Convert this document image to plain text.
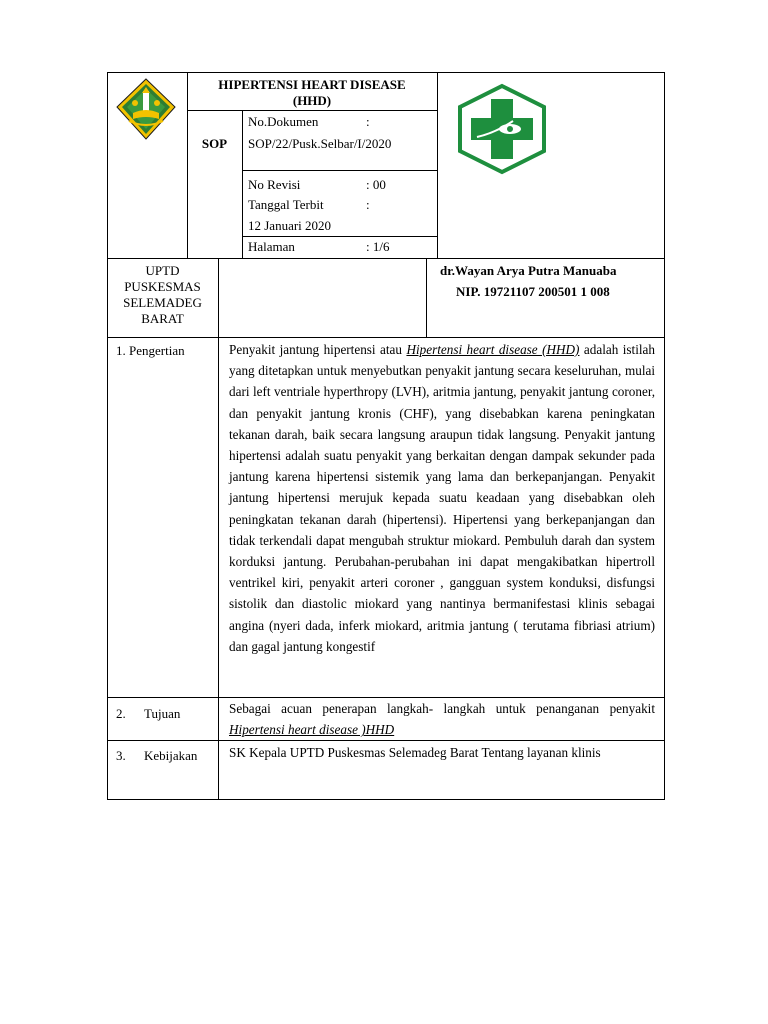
HIPERTENSI HEART DISEASE
(HHD)
SOP
No.Dokumen	:
SOP/22/Pusk.Selbar/I/2020
No Revisi	: 00
Tanggal Terbit	:
12 Januari 2020
Halaman	: 1/6
UPTD
PUSKESMAS
SELEMADEG
BARAT
dr.Wayan Arya Putra Manuaba
NIP. 19721107 200501 1 008
1. Pengertian	Penyakit jantung hipertensi atau Hipertensi heart disease (HHD) adalah istilah yang ditetapkan untuk menyebutkan penyakit jantung secara keseluruhan, mulai dari left ventriale hyperthropy (LVH), aritmia jantung, penyakit jantung coroner, dan penyakit jantung kronis (CHF), yang disebabkan karena peningkatan tekanan darah, baik secara langsung araupun tidak langsung. Penyakit jantung hipertensi adalah suatu penyakit yang berkaitan dengan dampak sekunder pada jantung karena hipertensi sistemik yang lama dan berkepanjangan. Penyakit jantung hipertensi merujuk kepada suatu keadaan yang disebabkan oleh peningkatan tekanan darah (hipertensi). Hipertensi yang berkepanjangan dan tidak terkendali dapat mengubah struktur miokard. Pembuluh darah dan system korduksi jantung. Perubahan-perubahan ini dapat mengakibatkan hipertroll ventrikel kiri, penyakit arteri coroner , gangguan system konduksi, disfungsi sistolik dan diastolic miokard yang nantinya bermanifestasi klinis sebagai angina (nyeri dada, inferk miokard, aritmia jantung ( terutama fibriasi atrium) dan gagal jantung kongestif
2. Tujuan	Sebagai acuan penerapan langkah- langkah untuk penanganan penyakit Hipertensi heart disease )HHD
3. Kebijakan SK Kepala UPTD Puskesmas Selemadeg Barat Tentang layanan klinis
